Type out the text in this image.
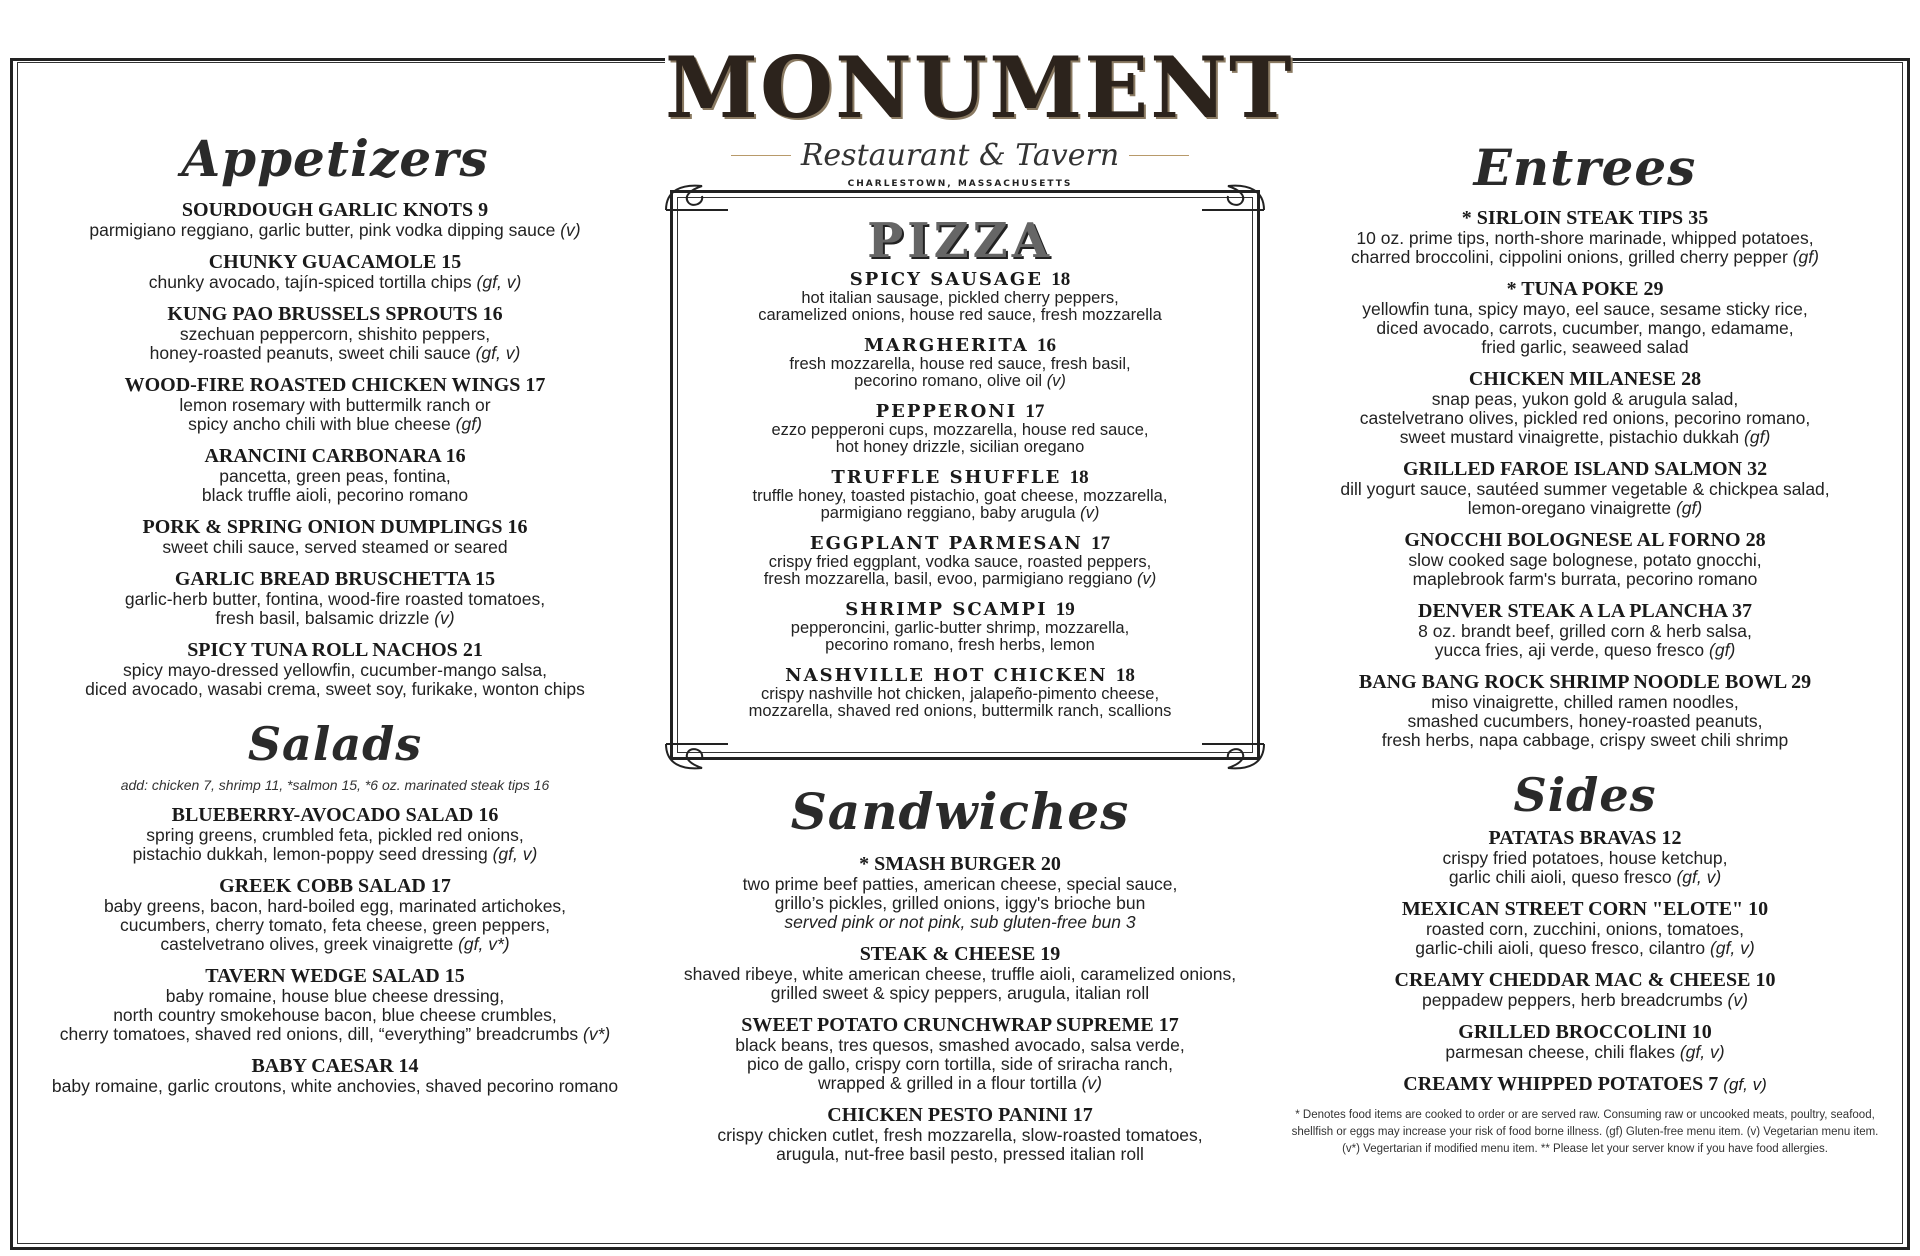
MONUMENT
Restaurant & Tavern
CHARLESTOWN, MASSACHUSETTS
Appetizers
SOURDOUGH GARLIC KNOTS 9
parmigiano reggiano, garlic butter, pink vodka dipping sauce (v)
CHUNKY GUACAMOLE 15
chunky avocado, tajín-spiced tortilla chips (gf, v)
KUNG PAO BRUSSELS SPROUTS 16
szechuan peppercorn, shishito peppers,
honey-roasted peanuts, sweet chili sauce (gf, v)
WOOD-FIRE ROASTED CHICKEN WINGS 17
lemon rosemary with buttermilk ranch or
spicy ancho chili with blue cheese (gf)
ARANCINI CARBONARA 16
pancetta, green peas, fontina,
black truffle aioli, pecorino romano
PORK & SPRING ONION DUMPLINGS 16
sweet chili sauce, served steamed or seared
GARLIC BREAD BRUSCHETTA 15
garlic-herb butter, fontina, wood-fire roasted tomatoes,
fresh basil, balsamic drizzle (v)
SPICY TUNA ROLL NACHOS 21
spicy mayo-dressed yellowfin, cucumber-mango salsa,
diced avocado, wasabi crema, sweet soy, furikake, wonton chips
Salads
add: chicken 7, shrimp 11, *salmon 15, *6 oz. marinated steak tips 16
BLUEBERRY-AVOCADO SALAD 16
spring greens, crumbled feta, pickled red onions,
pistachio dukkah, lemon-poppy seed dressing (gf, v)
GREEK COBB SALAD 17
baby greens, bacon, hard-boiled egg, marinated artichokes,
cucumbers, cherry tomato, feta cheese, green peppers,
castelvetrano olives, greek vinaigrette (gf, v*)
TAVERN WEDGE SALAD 15
baby romaine, house blue cheese dressing,
north country smokehouse bacon, blue cheese crumbles,
cherry tomatoes, shaved red onions, dill, “everything” breadcrumbs (v*)
BABY CAESAR 14
baby romaine, garlic croutons, white anchovies, shaved pecorino romano
PIZZA
SPICY SAUSAGE 18
hot italian sausage, pickled cherry peppers,
caramelized onions, house red sauce, fresh mozzarella
MARGHERITA 16
fresh mozzarella, house red sauce, fresh basil,
pecorino romano, olive oil (v)
PEPPERONI 17
ezzo pepperoni cups, mozzarella, house red sauce,
hot honey drizzle, sicilian oregano
TRUFFLE SHUFFLE 18
truffle honey, toasted pistachio, goat cheese, mozzarella,
parmigiano reggiano, baby arugula (v)
EGGPLANT PARMESAN 17
crispy fried eggplant, vodka sauce, roasted peppers,
fresh mozzarella, basil, evoo, parmigiano reggiano (v)
SHRIMP SCAMPI 19
pepperoncini, garlic-butter shrimp, mozzarella,
pecorino romano, fresh herbs, lemon
NASHVILLE HOT CHICKEN 18
crispy nashville hot chicken, jalapeño-pimento cheese,
mozzarella, shaved red onions, buttermilk ranch, scallions
Sandwiches
* SMASH BURGER 20
two prime beef patties, american cheese, special sauce,
grillo’s pickles, grilled onions, iggy's brioche bun
served pink or not pink, sub gluten-free bun 3
STEAK & CHEESE 19
shaved ribeye, white american cheese, truffle aioli, caramelized onions,
grilled sweet & spicy peppers, arugula, italian roll
SWEET POTATO CRUNCHWRAP SUPREME 17
black beans, tres quesos, smashed avocado, salsa verde,
pico de gallo, crispy corn tortilla, side of sriracha ranch,
wrapped & grilled in a flour tortilla (v)
CHICKEN PESTO PANINI 17
crispy chicken cutlet, fresh mozzarella, slow-roasted tomatoes,
arugula, nut-free basil pesto, pressed italian roll
Entrees
* SIRLOIN STEAK TIPS 35
10 oz. prime tips, north-shore marinade, whipped potatoes,
charred broccolini, cippolini onions, grilled cherry pepper (gf)
* TUNA POKE 29
yellowfin tuna, spicy mayo, eel sauce, sesame sticky rice,
diced avocado, carrots, cucumber, mango, edamame,
fried garlic, seaweed salad
CHICKEN MILANESE 28
snap peas, yukon gold & arugula salad,
castelvetrano olives, pickled red onions, pecorino romano,
sweet mustard vinaigrette, pistachio dukkah (gf)
GRILLED FAROE ISLAND SALMON 32
dill yogurt sauce, sautéed summer vegetable & chickpea salad,
lemon-oregano vinaigrette (gf)
GNOCCHI BOLOGNESE AL FORNO 28
slow cooked sage bolognese, potato gnocchi,
maplebrook farm's burrata, pecorino romano
DENVER STEAK A LA PLANCHA 37
8 oz. brandt beef, grilled corn & herb salsa,
yucca fries, aji verde, queso fresco (gf)
BANG BANG ROCK SHRIMP NOODLE BOWL 29
miso vinaigrette, chilled ramen noodles,
smashed cucumbers, honey-roasted peanuts,
fresh herbs, napa cabbage, crispy sweet chili shrimp
Sides
PATATAS BRAVAS 12
crispy fried potatoes, house ketchup,
garlic chili aioli, queso fresco (gf, v)
MEXICAN STREET CORN "ELOTE" 10
roasted corn, zucchini, onions, tomatoes,
garlic-chili aioli, queso fresco, cilantro (gf, v)
CREAMY CHEDDAR MAC & CHEESE 10
peppadew peppers, herb breadcrumbs (v)
GRILLED BROCCOLINI 10
parmesan cheese, chili flakes (gf, v)
CREAMY WHIPPED POTATOES 7 (gf, v)
* Denotes food items are cooked to order or are served raw. Consuming raw or uncooked meats, poultry, seafood,
shellfish or eggs may increase your risk of food borne illness. (gf) Gluten-free menu item. (v) Vegetarian menu item.
(v*) Vegertarian if modified menu item. ** Please let your server know if you have food allergies.
